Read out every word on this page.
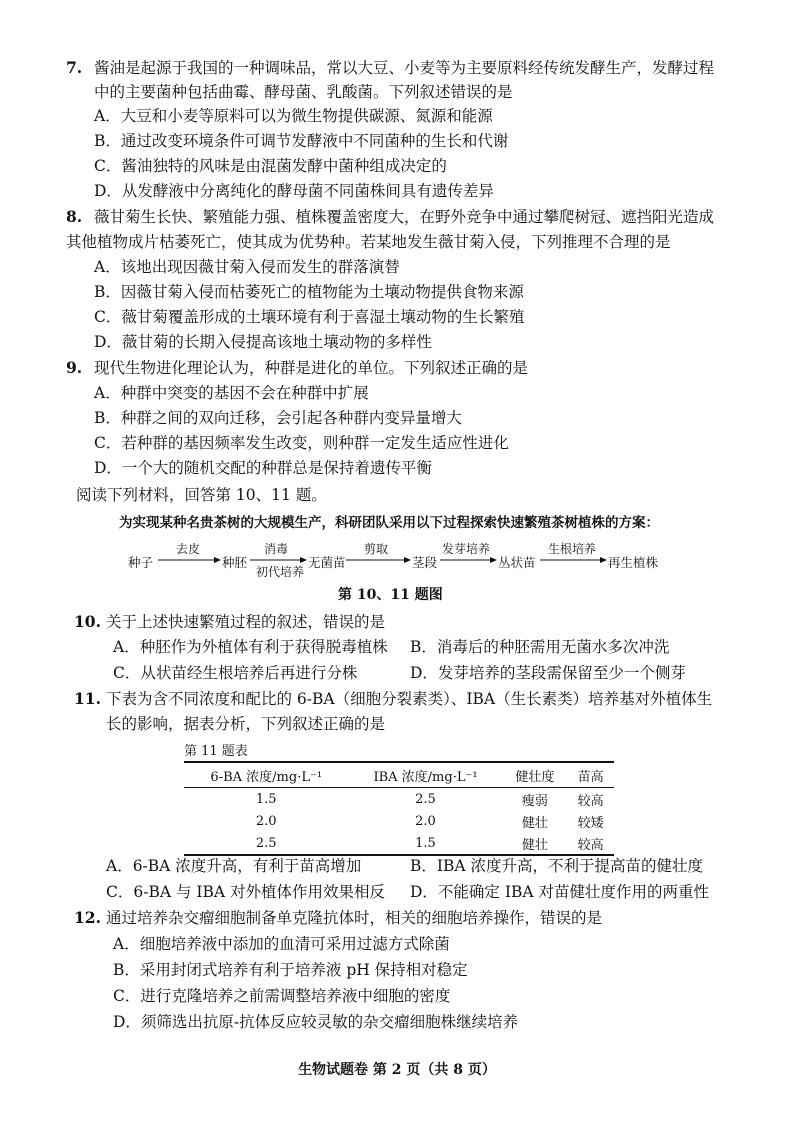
7. 酱油是起源于我国的一种调味品，常以大豆、小麦等为主要原料经传统发酵生产，发酵过程
中的主要菌种包括曲霉、酵母菌、乳酸菌。下列叙述错误的是
A．大豆和小麦等原料可以为微生物提供碳源、氮源和能源
B．通过改变环境条件可调节发酵液中不同菌种的生长和代谢
C．酱油独特的风味是由混菌发酵中菌种组成决定的
D．从发酵液中分离纯化的酵母菌不同菌株间具有遗传差异
8. 薇甘菊生长快、繁殖能力强、植株覆盖密度大，在野外竞争中通过攀爬树冠、遮挡阳光造成
其他植物成片枯萎死亡，使其成为优势种。若某地发生薇甘菊入侵，下列推理不合理的是
A．该地出现因薇甘菊入侵而发生的群落演替
B．因薇甘菊入侵而枯萎死亡的植物能为土壤动物提供食物来源
C．薇甘菊覆盖形成的土壤环境有利于喜湿土壤动物的生长繁殖
D．薇甘菊的长期入侵提高该地土壤动物的多样性
9. 现代生物进化理论认为，种群是进化的单位。下列叙述正确的是
A．种群中突变的基因不会在种群中扩展
B．种群之间的双向迁移，会引起各种群内变异量增大
C．若种群的基因频率发生改变，则种群一定发生适应性进化
D．一个大的随机交配的种群总是保持着遗传平衡
阅读下列材料，回答第 10、11 题。
为实现某种名贵茶树的大规模生产，科研团队采用以下过程探索快速繁殖茶树植株的方案：
种子	种胚	无菌苗	茎段	丛状苗	再生植株
去皮	消毒
初代培养
剪取	发芽培养	生根培养
第 10、11 题图
10. 关于上述快速繁殖过程的叙述，错误的是
A．种胚作为外植体有利于获得脱毒植株 B．消毒后的种胚需用无菌水多次冲洗
C．从状苗经生根培养后再进行分株	D．发芽培养的茎段需保留至少一个侧芽
11. 下表为含不同浓度和配比的 6-BA（细胞分裂素类）、IBA（生长素类）培养基对外植体生
长的影响，据表分析，下列叙述正确的是
第 11 题表
6-BA 浓度/mg·L⁻¹	IBA 浓度/mg·L⁻¹	健壮度	苗高
1.5	2.5	瘦弱	较高
2.0	2.0	健壮	较矮
2.5	1.5	健壮	较高
A．6-BA 浓度升高，有利于苗高增加	B．IBA 浓度升高，不利于提高苗的健壮度
C．6-BA 与 IBA 对外植体作用效果相反 D．不能确定 IBA 对苗健壮度作用的两重性
12. 通过培养杂交瘤细胞制备单克隆抗体时，相关的细胞培养操作，错误的是
A．细胞培养液中添加的血清可采用过滤方式除菌
B．采用封闭式培养有利于培养液 pH 保持相对稳定
C．进行克隆培养之前需调整培养液中细胞的密度
D．须筛选出抗原-抗体反应较灵敏的杂交瘤细胞株继续培养
生物试题卷 第 2 页（共 8 页）
